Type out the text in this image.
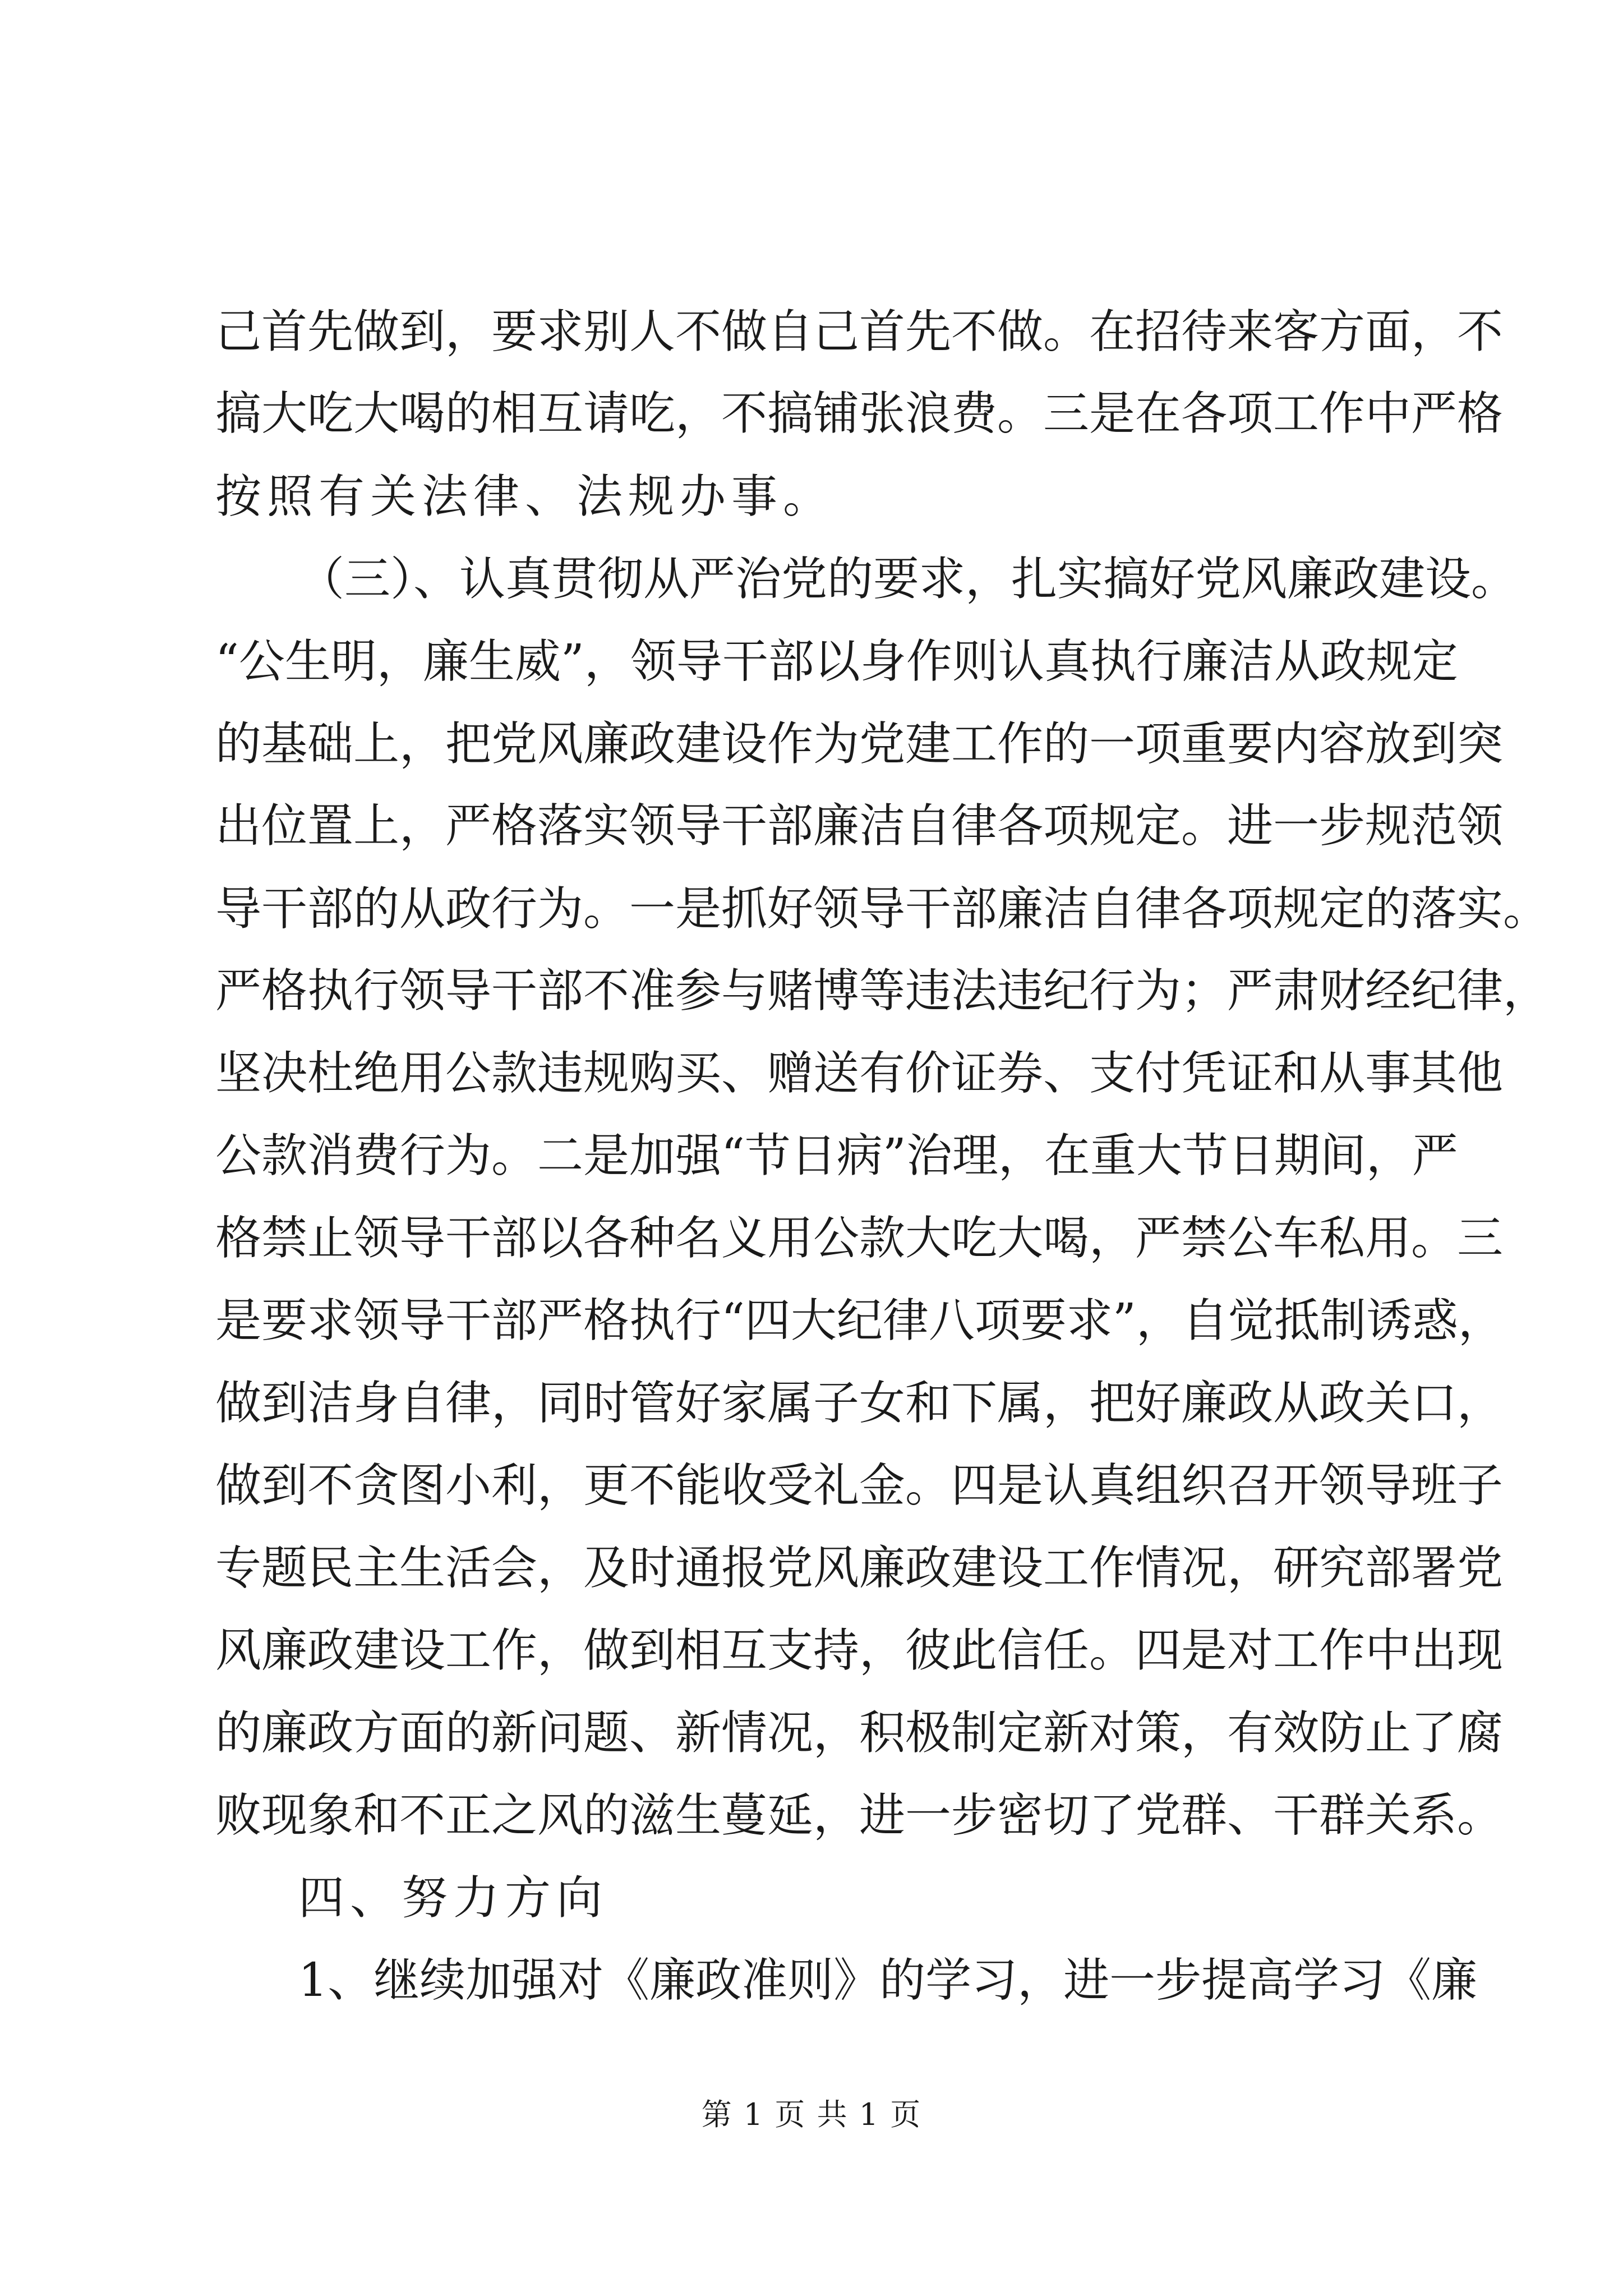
己首先做到，要求别人不做自己首先不做。在招待来客方面，不
搞大吃大喝的相互请吃，不搞铺张浪费。三是在各项工作中严格
按照有关法律、法规办事。
（三）、认真贯彻从严治党的要求，扎实搞好党风廉政建设。
“公生明，廉生威”，领导干部以身作则认真执行廉洁从政规定
的基础上，把党风廉政建设作为党建工作的一项重要内容放到突
出位置上，严格落实领导干部廉洁自律各项规定。进一步规范领
导干部的从政行为。一是抓好领导干部廉洁自律各项规定的落实。
严格执行领导干部不准参与赌博等违法违纪行为；严肃财经纪律，
坚决杜绝用公款违规购买、赠送有价证券、支付凭证和从事其他
公款消费行为。二是加强“节日病”治理，在重大节日期间，严
格禁止领导干部以各种名义用公款大吃大喝，严禁公车私用。三
是要求领导干部严格执行“四大纪律八项要求”，自觉抵制诱惑，
做到洁身自律，同时管好家属子女和下属，把好廉政从政关口，
做到不贪图小利，更不能收受礼金。四是认真组织召开领导班子
专题民主生活会，及时通报党风廉政建设工作情况，研究部署党
风廉政建设工作，做到相互支持，彼此信任。四是对工作中出现
的廉政方面的新问题、新情况，积极制定新对策，有效防止了腐
败现象和不正之风的滋生蔓延，进一步密切了党群、干群关系。
四、努力方向
1、继续加强对《廉政准则》的学习，进一步提高学习《廉
第 1 页 共 1 页
